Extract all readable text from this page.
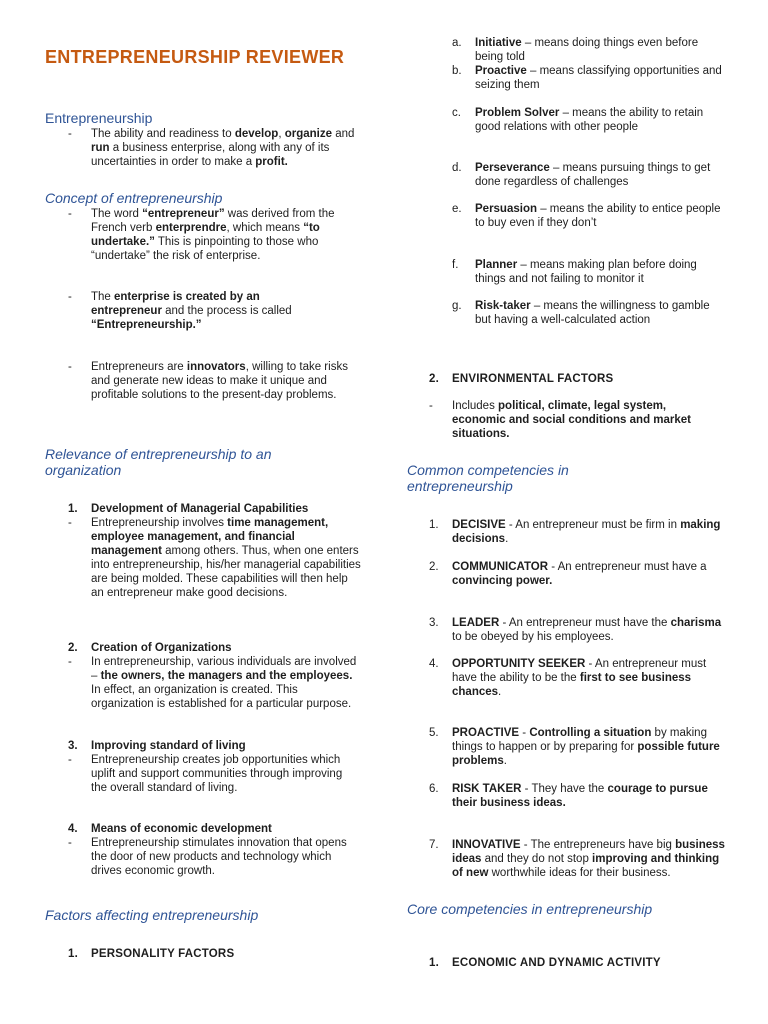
ENTREPRENEURSHIP REVIEWER
Entrepreneurship
- The ability and readiness to develop, organize and run a business enterprise, along with any of its uncertainties in order to make a profit.
Concept of entrepreneurship
- The word “entrepreneur” was derived from the French verb enterprendre, which means “to undertake.” This is pinpointing to those who “undertake” the risk of enterprise.
- The enterprise is created by an entrepreneur and the process is called “Entrepreneurship.”
- Entrepreneurs are innovators, willing to take risks and generate new ideas to make it unique and profitable solutions to the present-day problems.
Relevance of entrepreneurship to an organization
1. Development of Managerial Capabilities
- Entrepreneurship involves time management, employee management, and financial management among others. Thus, when one enters into entrepreneurship, his/her managerial capabilities are being molded. These capabilities will then help an entrepreneur make good decisions.
2. Creation of Organizations
- In entrepreneurship, various individuals are involved – the owners, the managers and the employees. In effect, an organization is created. This organization is established for a particular purpose.
3. Improving standard of living
- Entrepreneurship creates job opportunities which uplift and support communities through improving the overall standard of living.
4. Means of economic development
- Entrepreneurship stimulates innovation that opens the door of new products and technology which drives economic growth.
Factors affecting entrepreneurship
1. PERSONALITY FACTORS
a. Initiative – means doing things even before being told
b. Proactive – means classifying opportunities and seizing them
c. Problem Solver – means the ability to retain good relations with other people
d. Perseverance – means pursuing things to get done regardless of challenges
e. Persuasion – means the ability to entice people to buy even if they don’t
f. Planner – means making plan before doing things and not failing to monitor it
g. Risk-taker – means the willingness to gamble but having a well-calculated action
2. ENVIRONMENTAL FACTORS
- Includes political, climate, legal system, economic and social conditions and market situations.
Common competencies in entrepreneurship
1. DECISIVE - An entrepreneur must be firm in making decisions.
2. COMMUNICATOR - An entrepreneur must have a convincing power.
3. LEADER - An entrepreneur must have the charisma to be obeyed by his employees.
4. OPPORTUNITY SEEKER - An entrepreneur must have the ability to be the first to see business chances.
5. PROACTIVE - Controlling a situation by making things to happen or by preparing for possible future problems.
6. RISK TAKER - They have the courage to pursue their business ideas.
7. INNOVATIVE - The entrepreneurs have big business ideas and they do not stop improving and thinking of new worthwhile ideas for their business.
Core competencies in entrepreneurship
1. ECONOMIC AND DYNAMIC ACTIVITY
